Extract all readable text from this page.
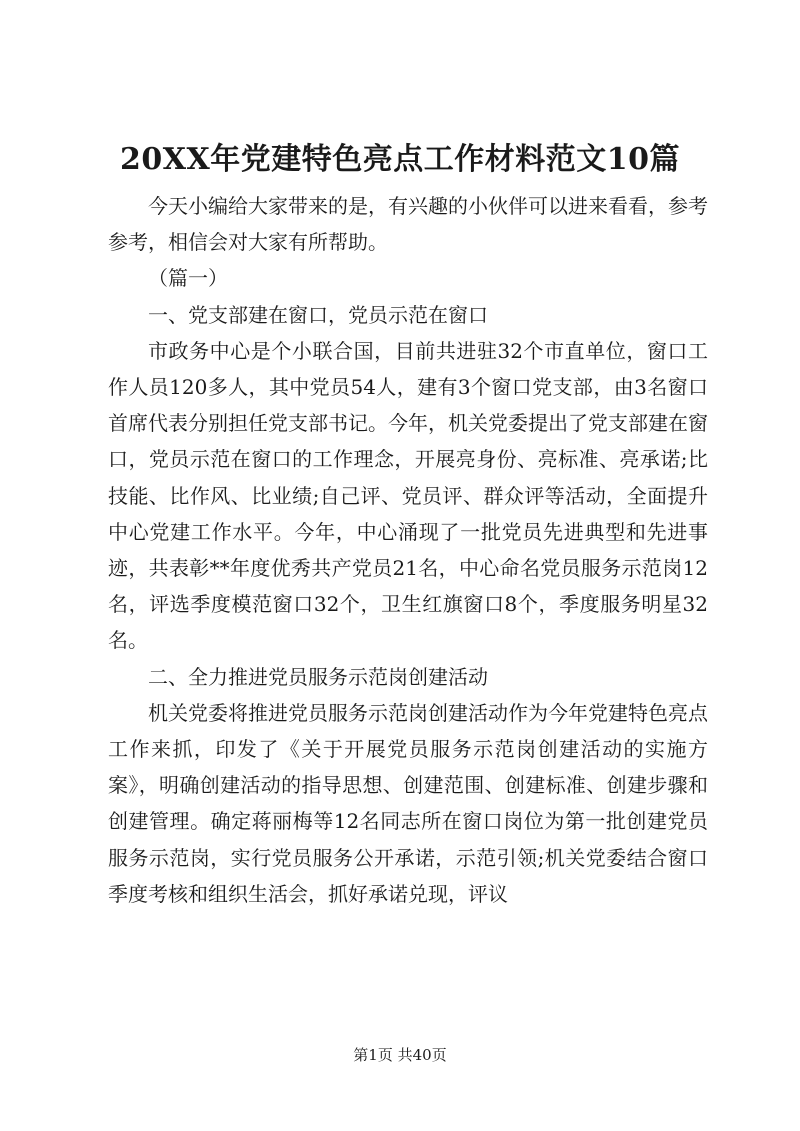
20XX年党建特色亮点工作材料范文10篇

今天小编给大家带来的是，有兴趣的小伙伴可以进来看看，参考参考，相信会对大家有所帮助。

（篇一）

一、党支部建在窗口，党员示范在窗口

市政务中心是个小联合国，目前共进驻32个市直单位，窗口工作人员120多人，其中党员54人，建有3个窗口党支部，由3名窗口首席代表分别担任党支部书记。今年，机关党委提出了党支部建在窗口，党员示范在窗口的工作理念，开展亮身份、亮标准、亮承诺;比技能、比作风、比业绩;自己评、党员评、群众评等活动，全面提升中心党建工作水平。今年，中心涌现了一批党员先进典型和先进事迹，共表彰**年度优秀共产党员21名，中心命名党员服务示范岗12名，评选季度模范窗口32个，卫生红旗窗口8个，季度服务明星32名。

二、全力推进党员服务示范岗创建活动

机关党委将推进党员服务示范岗创建活动作为今年党建特色亮点工作来抓，印发了《关于开展党员服务示范岗创建活动的实施方案》，明确创建活动的指导思想、创建范围、创建标准、创建步骤和创建管理。确定蒋丽梅等12名同志所在窗口岗位为第一批创建党员服务示范岗，实行党员服务公开承诺，示范引领;机关党委结合窗口季度考核和组织生活会，抓好承诺兑现，评议

第1页 共40页
